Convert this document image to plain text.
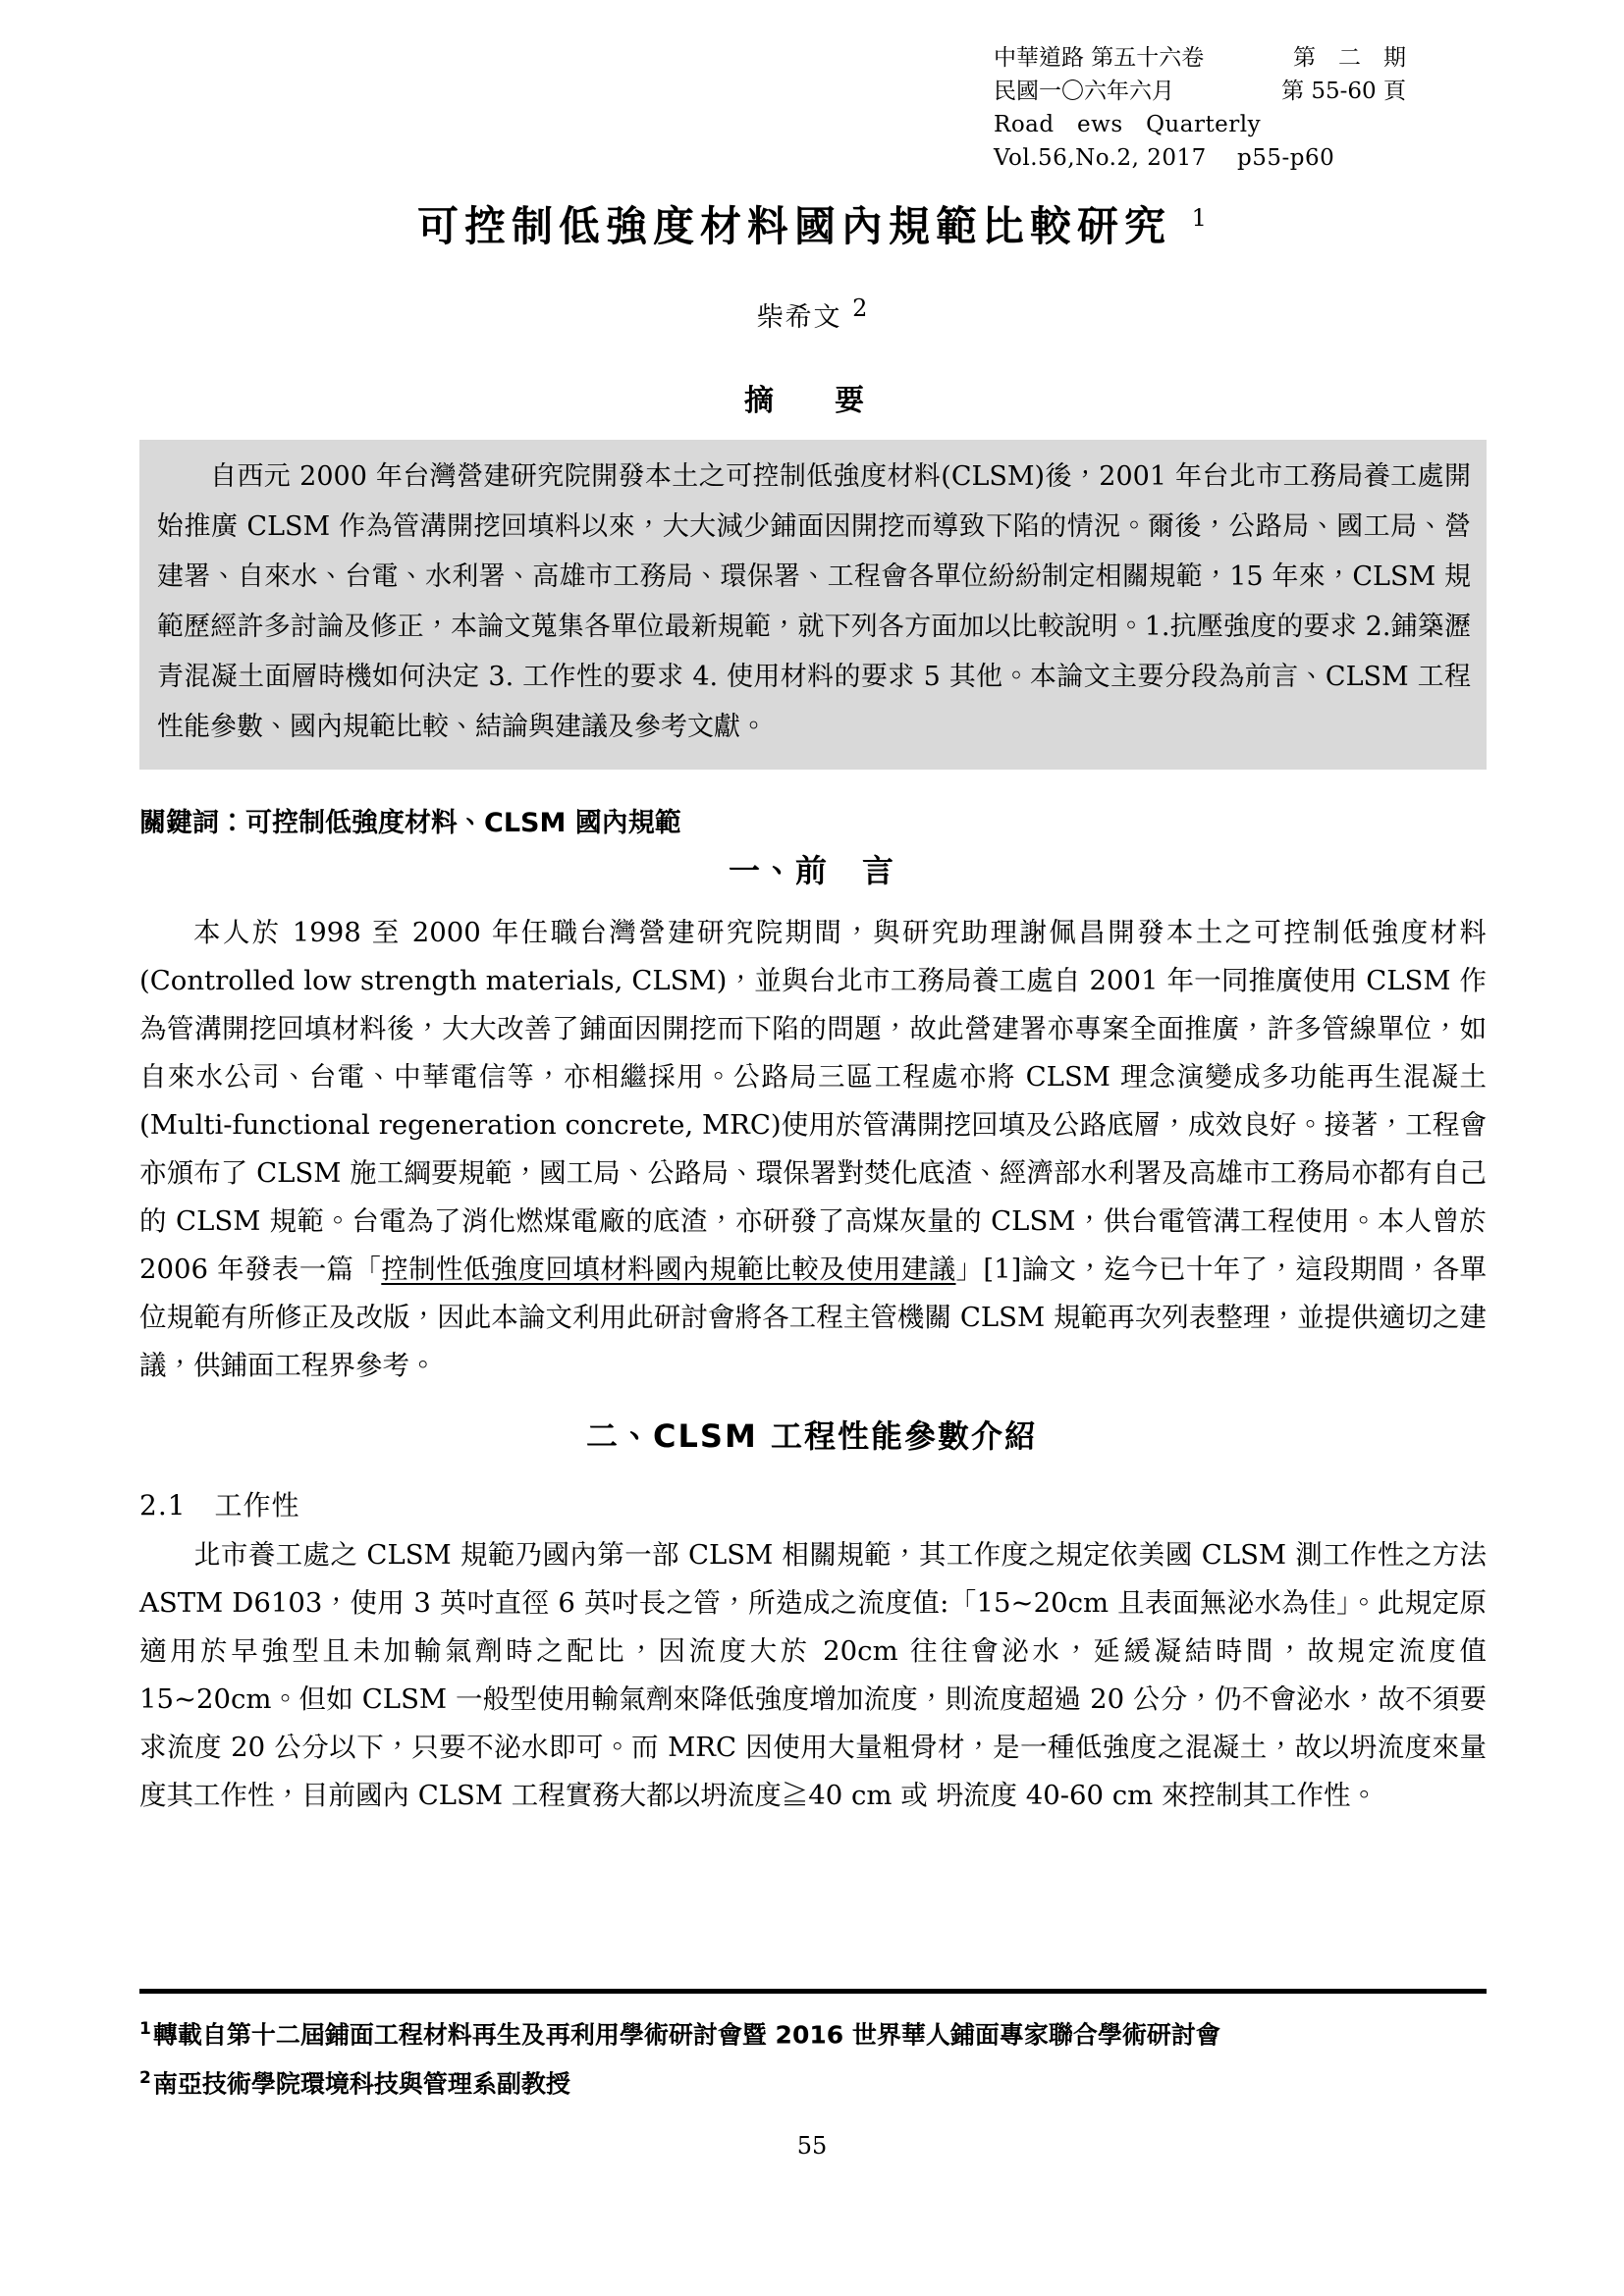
中華道路 第五十六卷	第　二　期
民國一〇六年六月	第 55-60 頁
Road   ews   Quarterly
Vol.56,No.2, 2017    p55-p60
可控制低強度材料國內規範比較研究 $^1$
柴希文 $^2$
摘　要
自西元 2000 年台灣營建研究院開發本土之可控制低強度材料(CLSM)後，2001 年台北市工務局養工處開始推廣 CLSM 作為管溝開挖回填料以來，大大減少鋪面因開挖而導致下陷的情況。爾後，公路局、國工局、營建署、自來水、台電、水利署、高雄市工務局、環保署、工程會各單位紛紛制定相關規範，15 年來，CLSM 規範歷經許多討論及修正，本論文蒐集各單位最新規範，就下列各方面加以比較說明。1.抗壓強度的要求 2.鋪築瀝青混凝土面層時機如何決定 3. 工作性的要求 4. 使用材料的要求 5 其他。本論文主要分段為前言、CLSM 工程性能參數、國內規範比較、結論與建議及參考文獻。
關鍵詞：可控制低強度材料、CLSM 國內規範
一、前　言

本人於 1998 至 2000 年任職台灣營建研究院期間，與研究助理謝佩昌開發本土之可控制低強度材料(Controlled low strength materials, CLSM)，並與台北市工務局養工處自 2001 年一同推廣使用 CLSM 作為管溝開挖回填材料後，大大改善了鋪面因開挖而下陷的問題，故此營建署亦專案全面推廣，許多管線單位，如自來水公司、台電、中華電信等，亦相繼採用。公路局三區工程處亦將 CLSM 理念演變成多功能再生混凝土(Multi-functional regeneration concrete, MRC)使用於管溝開挖回填及公路底層，成效良好。接著，工程會亦頒布了 CLSM 施工綱要規範，國工局、公路局、環保署對焚化底渣、經濟部水利署及高雄市工務局亦都有自己的 CLSM 規範。台電為了消化燃煤電廠的底渣，亦研發了高煤灰量的 CLSM，供台電管溝工程使用。本人曾於 2006 年發表一篇「控制性低強度回填材料國內規範比較及使用建議」[1]論文，迄今已十年了，這段期間，各單位規範有所修正及改版，因此本論文利用此研討會將各工程主管機關 CLSM 規範再次列表整理，並提供適切之建議，供鋪面工程界參考。

二、CLSM 工程性能參數介紹
2.1　工作性

北市養工處之 CLSM 規範乃國內第一部 CLSM 相關規範，其工作度之規定依美國 CLSM 測工作性之方法 ASTM D6103，使用 3 英吋直徑 6 英吋長之管，所造成之流度值:「15~20cm 且表面無泌水為佳」。此規定原適用於早強型且未加輸氣劑時之配比，因流度大於 20cm 往往會泌水，延緩凝結時間，故規定流度值 15~20cm。但如 CLSM 一般型使用輸氣劑來降低強度增加流度，則流度超過 20 公分，仍不會泌水，故不須要求流度 20 公分以下，只要不泌水即可。而 MRC 因使用大量粗骨材，是一種低強度之混凝土，故以坍流度來量度其工作性，目前國內 CLSM 工程實務大都以坍流度≧40 cm 或 坍流度 40-60 cm 來控制其工作性。

$^1$轉載自第十二屆鋪面工程材料再生及再利用學術研討會暨 2016 世界華人鋪面專家聯合學術研討會
$^2$南亞技術學院環境科技與管理系副教授
55
